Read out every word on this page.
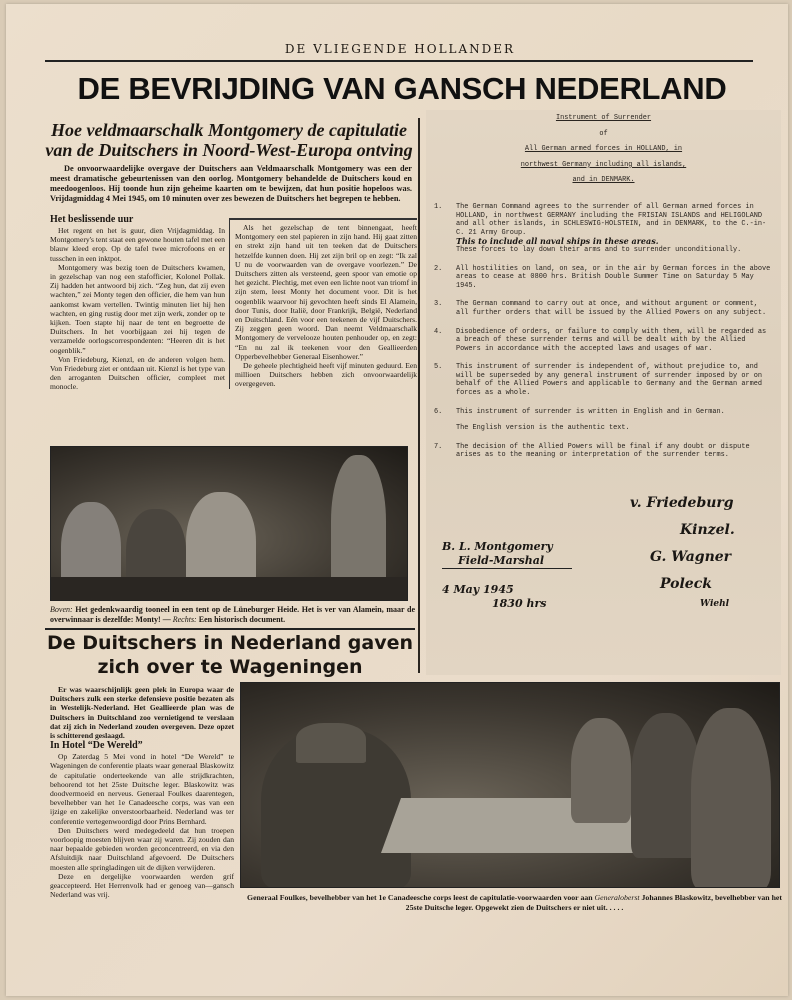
DE VLIEGENDE HOLLANDER
DE BEVRIJDING VAN GANSCH NEDERLAND
Hoe veldmaarschalk Montgomery de capitulatie van de Duitschers in Noord-West-Europa ontving

De onvoorwaardelijke overgave der Duitschers aan Veldmaarschalk Montgomery was een der meest dramatische gebeurtenissen van den oorlog. Montgomery behandelde de Duitschers koud en meedoogenloos. Hij toonde hun zijn geheime kaarten om te bewijzen, dat hun positie hopeloos was. Vrijdagmiddag 4 Mei 1945, om 10 minuten over zes bewezen de Duitschers het begrepen te hebben.

Het beslissende uur

Het regent en het is guur, dien Vrijdagmiddag. In Montgomery's tent staat een gewone houten tafel met een blauw kleed erop. Op de tafel twee microfoons en er tusschen in een inktpot.

Montgomery was bezig toen de Duitschers kwamen, in gezelschap van nog een stafofficier, Kolonel Pollak. Zij hadden het antwoord bij zich. “Zeg hun, dat zij even wachten,” zei Monty tegen den officier, die hem van hun aankomst kwam vertellen. Twintig minuten liet hij hen wachten, en ging rustig door met zijn werk, zonder op te kijken. Toen stapte hij naar de tent en begroette de Duitschers. In het voorbijgaan zei hij tegen de verzamelde oorlogscorrespondenten: “Heeren dit is het oogenblik.”

Von Friedeburg, Kienzl, en de anderen volgen hem. Von Friedeburg ziet er ontdaan uit. Kienzl is het type van den arroganten Duitschen officier, compleet met monocle.

Als het gezelschap de tent binnengaat, heeft Montgomery een stel papieren in zijn hand. Hij gaat zitten en strekt zijn hand uit ten teeken dat de Duitschers hetzelfde kunnen doen. Hij zet zijn bril op en zegt: “Ik zal U nu de voorwaarden van de overgave voorlezen.” De Duitschers zitten als versteend, geen spoor van emotie op het gezicht. Plechtig, met even een lichte noot van triomf in zijn stem, leest Monty het document voor. Dit is het oogenblik waarvoor hij gevochten heeft sinds El Alamein, door Tunis, door Italië, door Frankrijk, België, Nederland en Duitschland. Eén voor een teekenen de vijf Duitschers. Zij zeggen geen woord. Dan neemt Veldmaarschalk Montgomery de vervelooze houten penhouder op, en zegt: “En nu zal ik teekenen voor den Geallieerden Opperbevelhebber Generaal Eisenhower.”

De geheele plechtigheid heeft vijf minuten geduurd. Een millioen Duitschers hebben zich onvoorwaardelijk overgegeven.

Boven: Het gedenkwaardig tooneel in een tent op de Lüneburger Heide. Het is ver van Alamein, maar de overwinnaar is dezelfde: Monty! — Rechts: Een historisch document.
De Duitschers in Nederland gaven zich over te Wageningen

Er was waarschijnlijk geen plek in Europa waar de Duitschers zulk een sterke defensieve positie bezaten als in Westelijk-Nederland. Het Geallieerde plan was de Duitschers in Duitschland zoo vernietigend te verslaan dat zij zich in Nederland zouden overgeven. Deze opzet is schitterend geslaagd.

In Hotel “De Wereld”

Op Zaterdag 5 Mei vond in hotel “De Wereld” te Wageningen de conferentie plaats waar generaal Blaskowitz de capitulatie onderteekende van alle strijdkrachten, behoorend tot het 25ste Duitsche leger. Blaskowitz was doodvermoeid en nerveus. Generaal Foulkes daarentegen, bevelhebber van het 1e Canadeesche corps, was van een ijzige en zakelijke onverstoorbaarheid. Nederland was ter conferentie vertegenwoordigd door Prins Bernhard.

Den Duitschers werd medegedeeld dat hun troepen voorloopig moesten blijven waar zij waren. Zij zouden dan naar bepaalde gebieden worden geconcentreerd, en via den Afsluitdijk naar Duitschland afgevoerd. De Duitschers moesten alle springladingen uit de dijken verwijderen.

Deze en dergelijke voorwaarden werden grif geaccepteerd. Het Herrenvolk had er genoeg van—gansch Nederland was vrij.	Generaal Foulkes, bevelhebber van het 1e Canadeesche corps leest de capitulatie-voorwaarden voor aan Generaloberst Johannes Blaskowitz, bevelhebber van het 25ste Duitsche leger. Opgewekt zien de Duitschers er niet uit. . . . .
Instrument of Surrender
of
All German armed forces in HOLLAND, in
northwest Germany including all islands,
and in DENMARK.
1.	The German Command agrees to the surrender of all German armed forces in HOLLAND, in northwest GERMANY including the FRISIAN ISLANDS and HELIGOLAND and all other islands, in SCHLESWIG-HOLSTEIN, and in DENMARK, to the C.-in-C. 21 Army Group.
This to include all naval ships in these areas.
These forces to lay down their arms and to surrender unconditionally.
2.	All hostilities on land, on sea, or in the air by German forces in the above areas to cease at 0800 hrs. British Double Summer Time on Saturday 5 May 1945.
3.	The German command to carry out at once, and without argument or comment, all further orders that will be issued by the Allied Powers on any subject.
4.	Disobedience of orders, or failure to comply with them, will be regarded as a breach of these surrender terms and will be dealt with by the Allied Powers in accordance with the accepted laws and usages of war.
5.	This instrument of surrender is independent of, without prejudice to, and will be superseded by any general instrument of surrender imposed by or on behalf of the Allied Powers and applicable to Germany and the German armed forces as a whole.
6.	This instrument of surrender is written in English and in German.
The English version is the authentic text.
7.	The decision of the Allied Powers will be final if any doubt or dispute arises as to the meaning or interpretation of the surrender terms.
B. L. Montgomery
Field-Marshal
4 May 1945
1830 hrs
v. Friedeburg
Kinzel.
G. Wagner
Poleck
Wiehl
